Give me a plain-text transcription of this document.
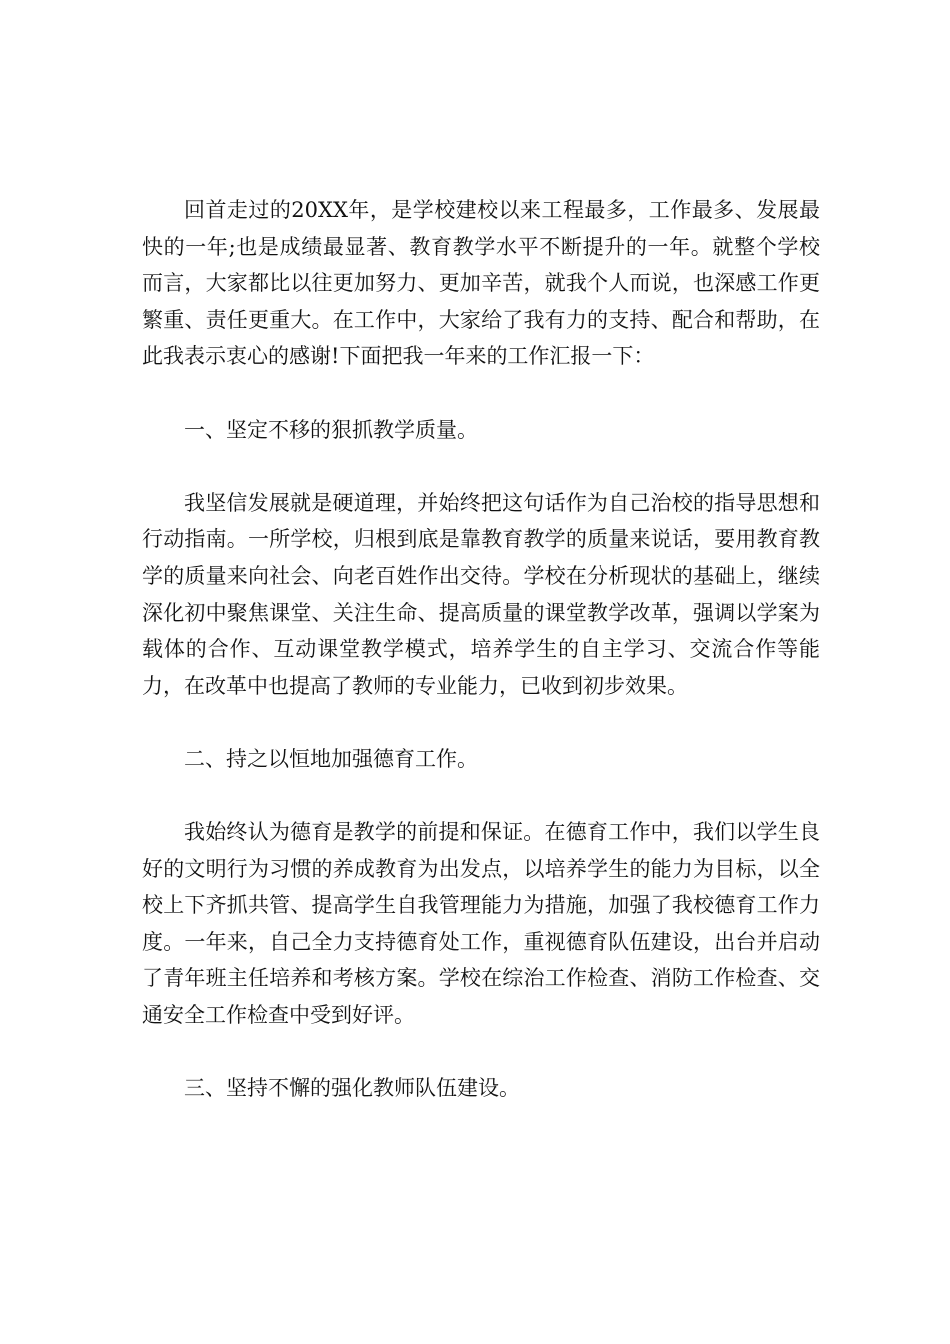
回首走过的20XX年，是学校建校以来工程最多，工作最多、发展最快的一年;也是成绩最显著、教育教学水平不断提升的一年。就整个学校而言，大家都比以往更加努力、更加辛苦，就我个人而说，也深感工作更繁重、责任更重大。在工作中，大家给了我有力的支持、配合和帮助，在此我表示衷心的感谢!下面把我一年来的工作汇报一下：

一、坚定不移的狠抓教学质量。

我坚信发展就是硬道理，并始终把这句话作为自己治校的指导思想和行动指南。一所学校，归根到底是靠教育教学的质量来说话，要用教育教学的质量来向社会、向老百姓作出交待。学校在分析现状的基础上，继续深化初中聚焦课堂、关注生命、提高质量的课堂教学改革，强调以学案为载体的合作、互动课堂教学模式，培养学生的自主学习、交流合作等能力，在改革中也提高了教师的专业能力，已收到初步效果。

二、持之以恒地加强德育工作。

我始终认为德育是教学的前提和保证。在德育工作中，我们以学生良好的文明行为习惯的养成教育为出发点，以培养学生的能力为目标，以全校上下齐抓共管、提高学生自我管理能力为措施，加强了我校德育工作力度。一年来，自己全力支持德育处工作，重视德育队伍建设，出台并启动了青年班主任培养和考核方案。学校在综治工作检查、消防工作检查、交通安全工作检查中受到好评。

三、坚持不懈的强化教师队伍建设。
